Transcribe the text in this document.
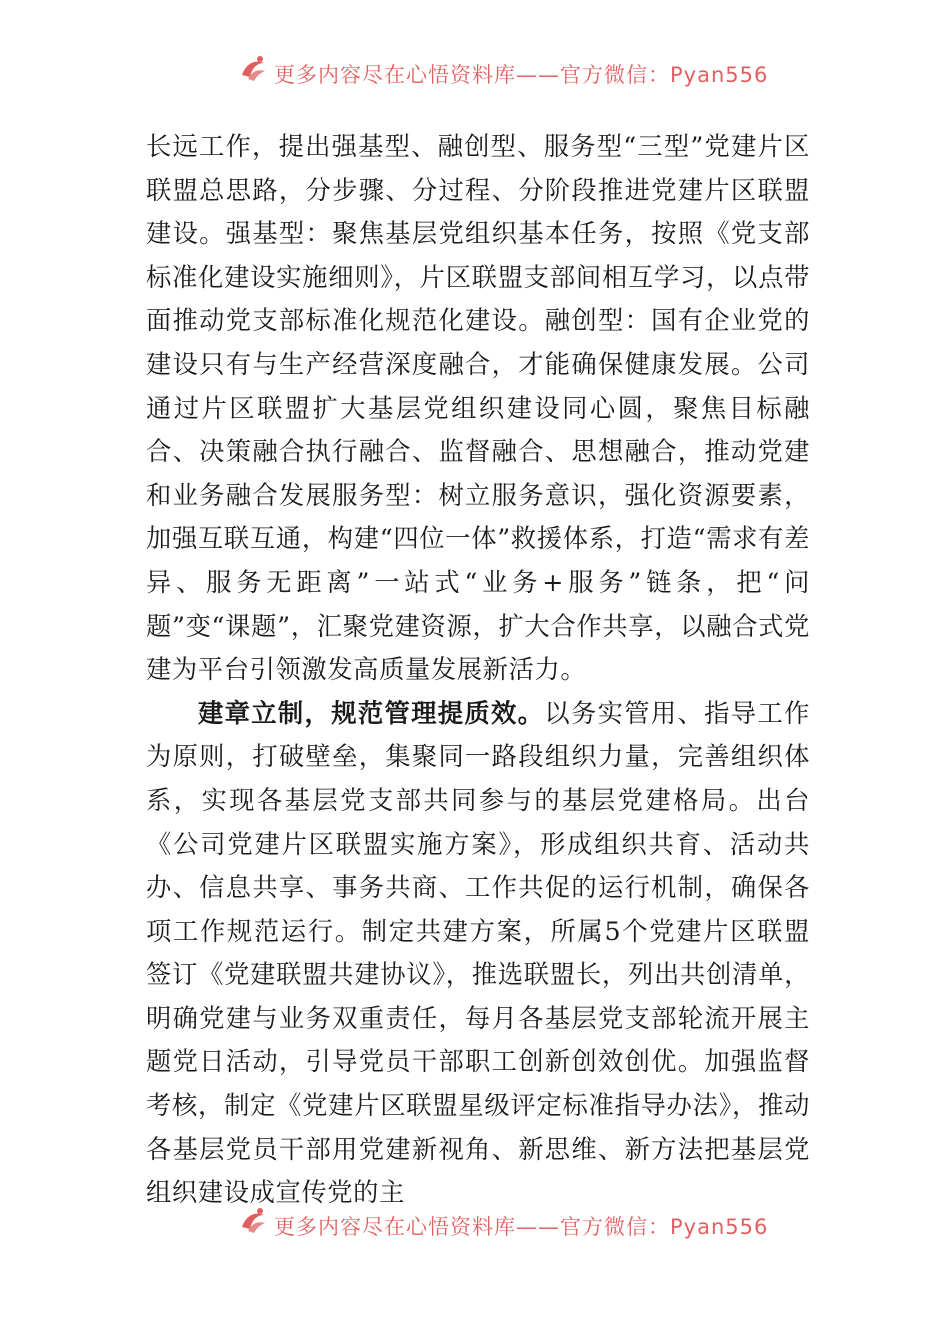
更多内容尽在心悟资料库——官方微信：Pyan556

长远工作，提出强基型、融创型、服务型“三型”党建片区联盟总思路，分步骤、分过程、分阶段推进党建片区联盟建设。强基型：聚焦基层党组织基本任务，按照《党支部标准化建设实施细则》，片区联盟支部间相互学习，以点带面推动党支部标准化规范化建设。融创型：国有企业党的建设只有与生产经营深度融合，才能确保健康发展。公司通过片区联盟扩大基层党组织建设同心圆，聚焦目标融合、决策融合执行融合、监督融合、思想融合，推动党建和业务融合发展服务型：树立服务意识，强化资源要素，加强互联互通，构建“四位一体”救援体系，打造“需求有差异、服务无距离”一站式“业务+服务”链条，把“问题”变“课题”，汇聚党建资源，扩大合作共享，以融合式党建为平台引领激发高质量发展新活力。

建章立制，规范管理提质效。以务实管用、指导工作为原则，打破壁垒，集聚同一路段组织力量，完善组织体系，实现各基层党支部共同参与的基层党建格局。出台《公司党建片区联盟实施方案》，形成组织共育、活动共办、信息共享、事务共商、工作共促的运行机制，确保各项工作规范运行。制定共建方案，所属5个党建片区联盟签订《党建联盟共建协议》，推选联盟长，列出共创清单，明确党建与业务双重责任，每月各基层党支部轮流开展主题党日活动，引导党员干部职工创新创效创优。加强监督考核，制定《党建片区联盟星级评定标准指导办法》，推动各基层党员干部用党建新视角、新思维、新方法把基层党组织建设成宣传党的主

更多内容尽在心悟资料库——官方微信：Pyan556
